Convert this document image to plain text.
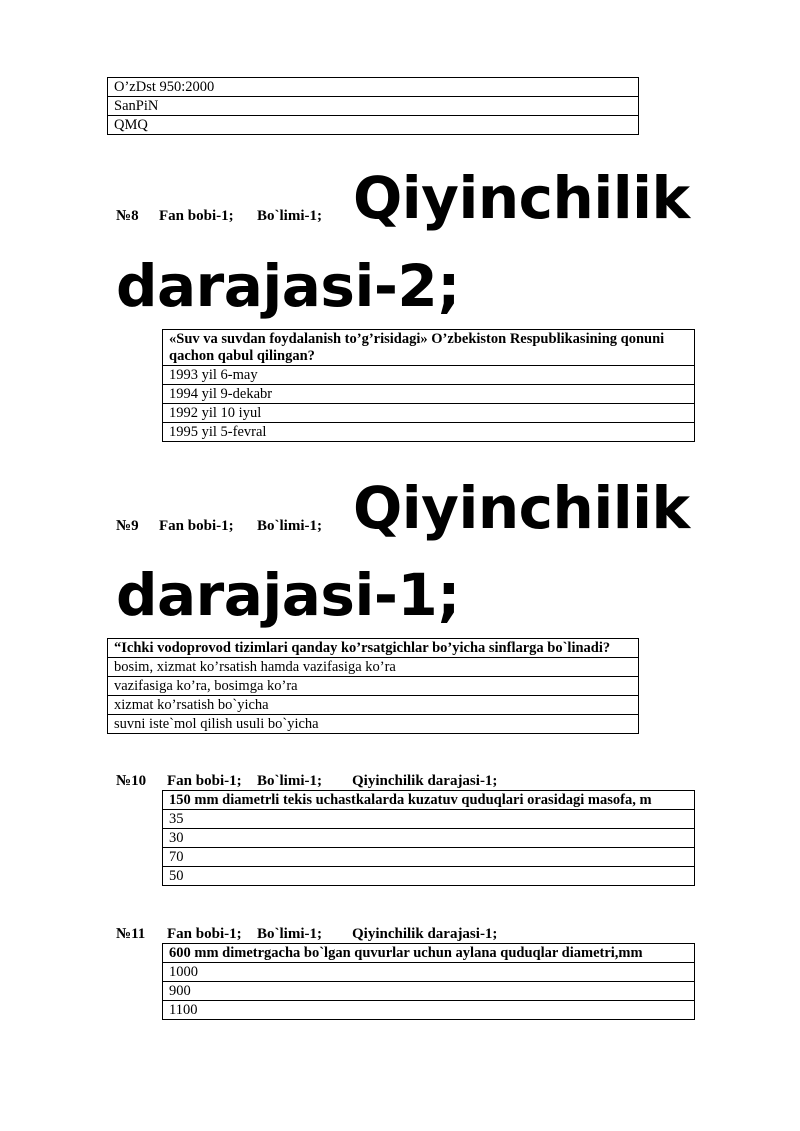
O’zDst 950:2000
SanPiN
QMQ
№8 Fan bobi-1; Bo`limi-1; Qiyinchilik
darajasi-2;
«Suv va suvdan foydalanish to’g’risidagi» O’zbekiston Respublikasining qonuni qachon qabul qilingan?
1993 yil 6-may
1994 yil 9-dekabr
1992 yil 10 iyul
1995 yil 5-fevral
№9 Fan bobi-1; Bo`limi-1; Qiyinchilik
darajasi-1;
“Ichki vodoprovod tizimlari qanday ko’rsatgichlar bo’yicha sinflarga bo`linadi?
bosim, xizmat ko’rsatish hamda vazifasiga ko’ra
vazifasiga ko’ra, bosimga ko’ra
xizmat ko’rsatish bo`yicha
suvni iste`mol qilish usuli bo`yicha
№10 Fan bobi-1; Bo`limi-1; Qiyinchilik darajasi-1;
150 mm diametrli tekis uchastkalarda kuzatuv quduqlari orasidagi masofa, m
35
30
70
50
№11 Fan bobi-1; Bo`limi-1; Qiyinchilik darajasi-1;
600 mm dimetrgacha bo`lgan quvurlar uchun aylana quduqlar diametri,mm
1000
900
1100
